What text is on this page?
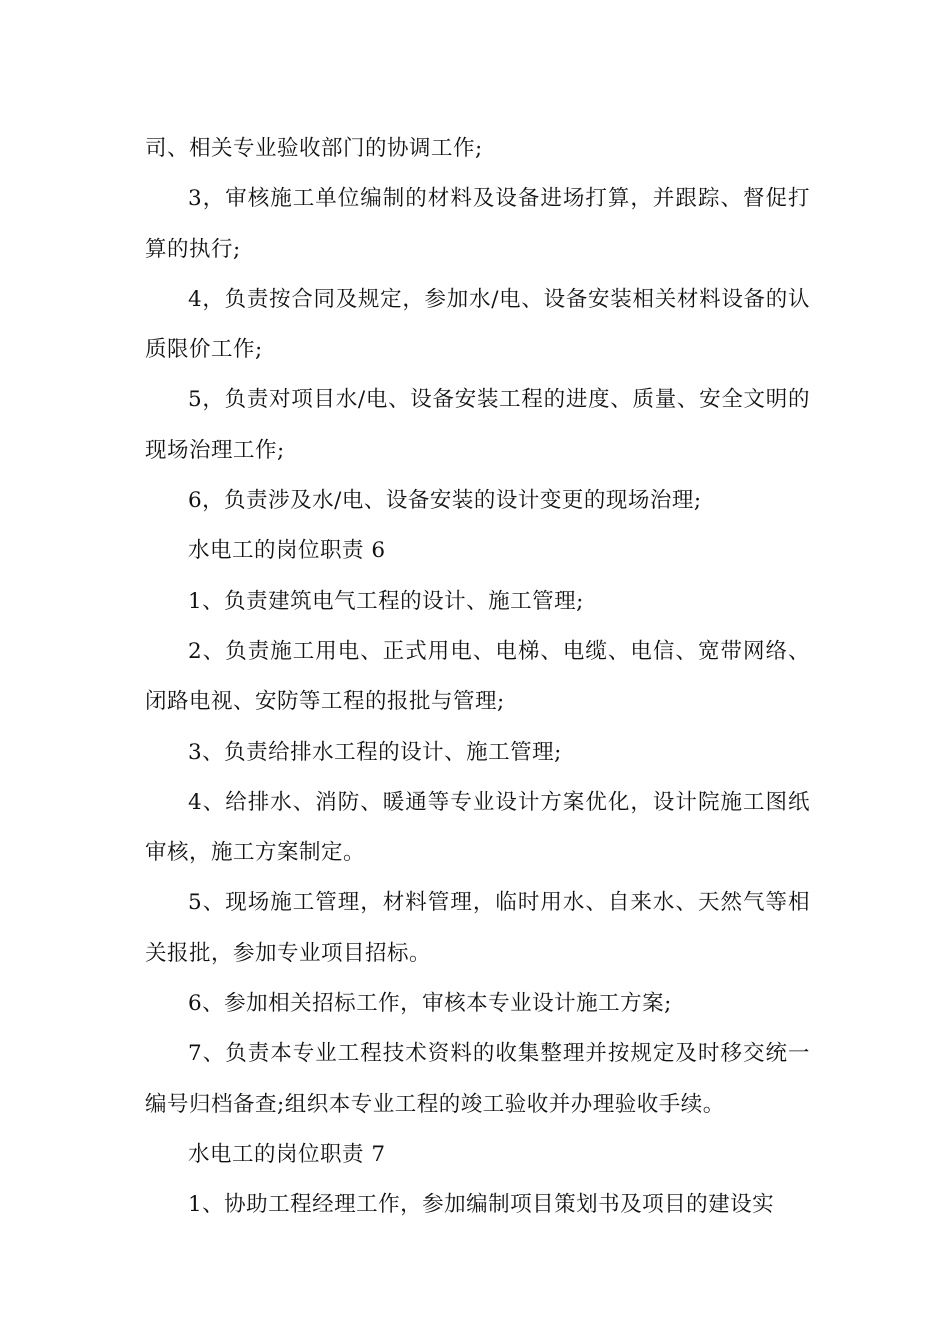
司、相关专业验收部门的协调工作;

3，审核施工单位编制的材料及设备进场打算，并跟踪、督促打算的执行;

4，负责按合同及规定，参加水/电、设备安装相关材料设备的认质限价工作;

5，负责对项目水/电、设备安装工程的进度、质量、安全文明的现场治理工作;

6，负责涉及水/电、设备安装的设计变更的现场治理;

水电工的岗位职责 6

1、负责建筑电气工程的设计、施工管理;

2、负责施工用电、正式用电、电梯、电缆、电信、宽带网络、闭路电视、安防等工程的报批与管理;

3、负责给排水工程的设计、施工管理;

4、给排水、消防、暖通等专业设计方案优化，设计院施工图纸审核，施工方案制定。

5、现场施工管理，材料管理，临时用水、自来水、天然气等相关报批，参加专业项目招标。

6、参加相关招标工作，审核本专业设计施工方案;

7、负责本专业工程技术资料的收集整理并按规定及时移交统一编号归档备查;组织本专业工程的竣工验收并办理验收手续。

水电工的岗位职责 7

1、协助工程经理工作，参加编制项目策划书及项目的建设实
